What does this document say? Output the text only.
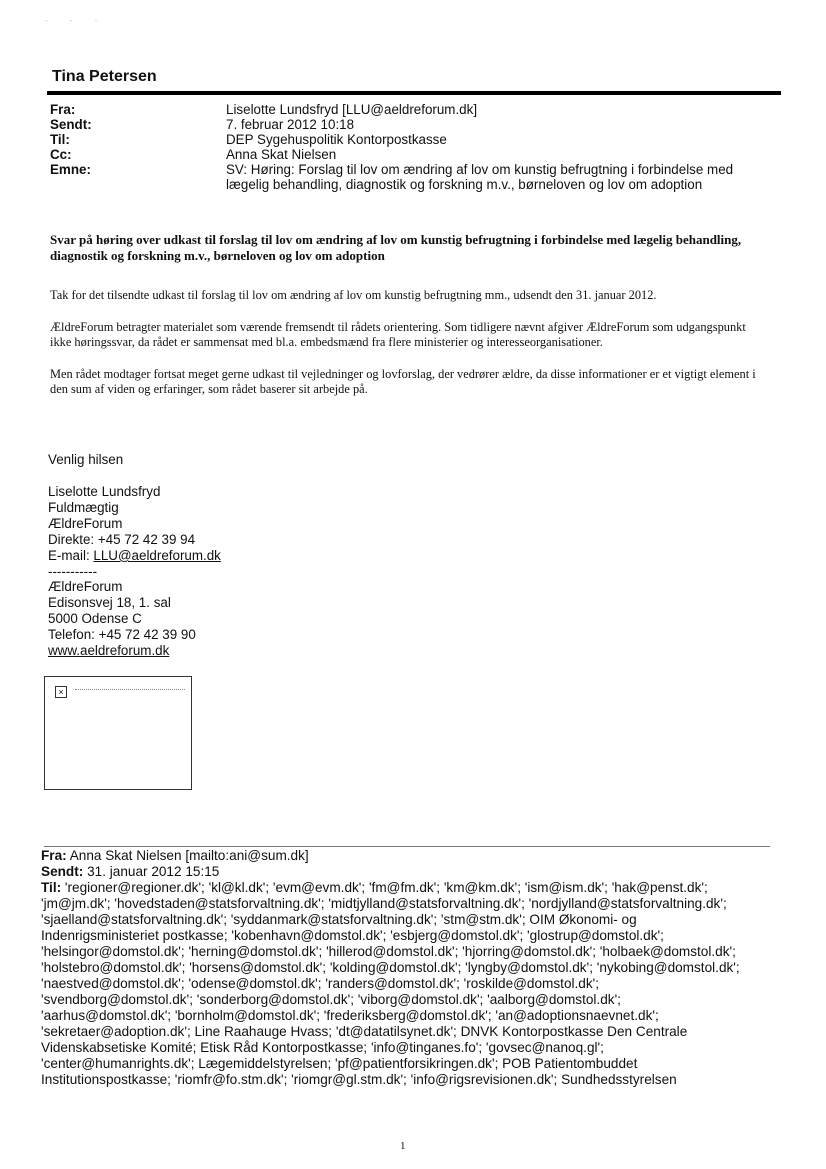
- - -
Tina Petersen
Fra:	Liselotte Lundsfryd [LLU@aeldreforum.dk]
Sendt:	7. februar 2012 10:18
Til:	DEP Sygehuspolitik Kontorpostkasse
Cc:	Anna Skat Nielsen
Emne:	SV: Høring: Forslag til lov om ændring af lov om kunstig befrugtning i forbindelse med lægelig behandling, diagnostik og forskning m.v., børneloven og lov om adoption
Svar på høring over udkast til forslag til lov om ændring af lov om kunstig befrugtning i forbindelse med lægelig behandling, diagnostik og forskning m.v., børneloven og lov om adoption
Tak for det tilsendte udkast til forslag til lov om ændring af lov om kunstig befrugtning mm., udsendt den 31. januar 2012.
ÆldreForum betragter materialet som værende fremsendt til rådets orientering. Som tidligere nævnt afgiver ÆldreForum som udgangspunkt ikke høringssvar, da rådet er sammensat med bl.a. embedsmænd fra flere ministerier og interesseorganisationer.
Men rådet modtager fortsat meget gerne udkast til vejledninger og lovforslag, der vedrører ældre, da disse informationer er et vigtigt element i den sum af viden og erfaringer, som rådet baserer sit arbejde på.
Venlig hilsen
Liselotte Lundsfryd
Fuldmægtig
ÆldreForum
Direkte: +45 72 42 39 94
E-mail: LLU@aeldreforum.dk
-----------
ÆldreForum
Edisonsvej 18, 1. sal
5000 Odense C
Telefon: +45 72 42 39 90
www.aeldreforum.dk
×
Fra: Anna Skat Nielsen [mailto:ani@sum.dk]
Sendt: 31. januar 2012 15:15
Til: 'regioner@regioner.dk'; 'kl@kl.dk'; 'evm@evm.dk'; 'fm@fm.dk'; 'km@km.dk'; 'ism@ism.dk'; 'hak@penst.dk';
'jm@jm.dk'; 'hovedstaden@statsforvaltning.dk'; 'midtjylland@statsforvaltning.dk'; 'nordjylland@statsforvaltning.dk';
'sjaelland@statsforvaltning.dk'; 'syddanmark@statsforvaltning.dk'; 'stm@stm.dk'; OIM Økonomi- og
Indenrigsministeriet postkasse; 'kobenhavn@domstol.dk'; 'esbjerg@domstol.dk'; 'glostrup@domstol.dk';
'helsingor@domstol.dk'; 'herning@domstol.dk'; 'hillerod@domstol.dk'; 'hjorring@domstol.dk'; 'holbaek@domstol.dk';
'holstebro@domstol.dk'; 'horsens@domstol.dk'; 'kolding@domstol.dk'; 'lyngby@domstol.dk'; 'nykobing@domstol.dk';
'naestved@domstol.dk'; 'odense@domstol.dk'; 'randers@domstol.dk'; 'roskilde@domstol.dk';
'svendborg@domstol.dk'; 'sonderborg@domstol.dk'; 'viborg@domstol.dk'; 'aalborg@domstol.dk';
'aarhus@domstol.dk'; 'bornholm@domstol.dk'; 'frederiksberg@domstol.dk'; 'an@adoptionsnaevnet.dk';
'sekretaer@adoption.dk'; Line Raahauge Hvass; 'dt@datatilsynet.dk'; DNVK Kontorpostkasse Den Centrale
Videnskabsetiske Komité; Etisk Råd Kontorpostkasse; 'info@tinganes.fo'; 'govsec@nanoq.gl';
'center@humanrights.dk'; Lægemiddelstyrelsen; 'pf@patientforsikringen.dk'; POB Patientombuddet
Institutionspostkasse; 'riomfr@fo.stm.dk'; 'riomgr@gl.stm.dk'; 'info@rigsrevisionen.dk'; Sundhedsstyrelsen
1
